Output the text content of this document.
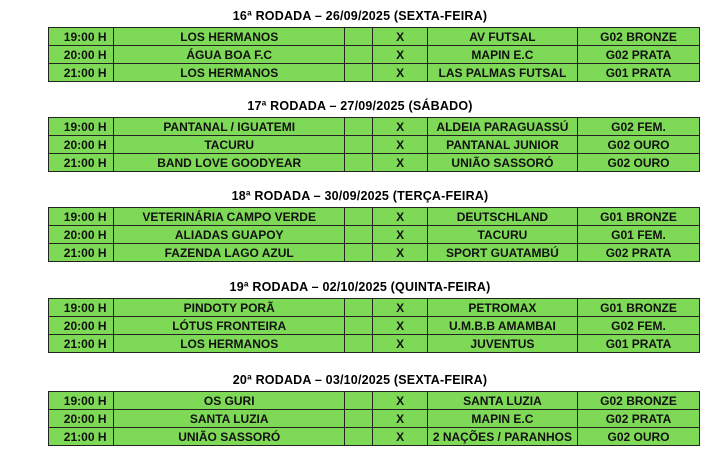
16ª RODADA – 26/09/2025 (SEXTA-FEIRA)
19:00 H	LOS HERMANOS		X	AV FUTSAL	G02 BRONZE
20:00 H	ÁGUA BOA F.C		X	MAPIN E.C	G02 PRATA
21:00 H	LOS HERMANOS		X	LAS PALMAS FUTSAL	G01 PRATA
17ª RODADA – 27/09/2025 (SÁBADO)
19:00 H	PANTANAL / IGUATEMI		X	ALDEIA PARAGUASSÚ	G02 FEM.
20:00 H	TACURU		X	PANTANAL JUNIOR	G02 OURO
21:00 H	BAND LOVE GOODYEAR		X	UNIÃO SASSORÓ	G02 OURO
18ª RODADA – 30/09/2025 (TERÇA-FEIRA)
19:00 H	VETERINÁRIA CAMPO VERDE		X	DEUTSCHLAND	G01 BRONZE
20:00 H	ALIADAS GUAPOY		X	TACURU	G01 FEM.
21:00 H	FAZENDA LAGO AZUL		X	SPORT GUATAMBÚ	G02 PRATA
19ª RODADA – 02/10/2025 (QUINTA-FEIRA)
19:00 H	PINDOTY PORÃ		X	PETROMAX	G01 BRONZE
20:00 H	LÓTUS FRONTEIRA		X	U.M.B.B AMAMBAI	G02 FEM.
21:00 H	LOS HERMANOS		X	JUVENTUS	G01 PRATA
20ª RODADA – 03/10/2025 (SEXTA-FEIRA)
19:00 H	OS GURI		X	SANTA LUZIA	G02 BRONZE
20:00 H	SANTA LUZIA		X	MAPIN E.C	G02 PRATA
21:00 H	UNIÃO SASSORÓ		X	2 NAÇÕES / PARANHOS	G02 OURO
